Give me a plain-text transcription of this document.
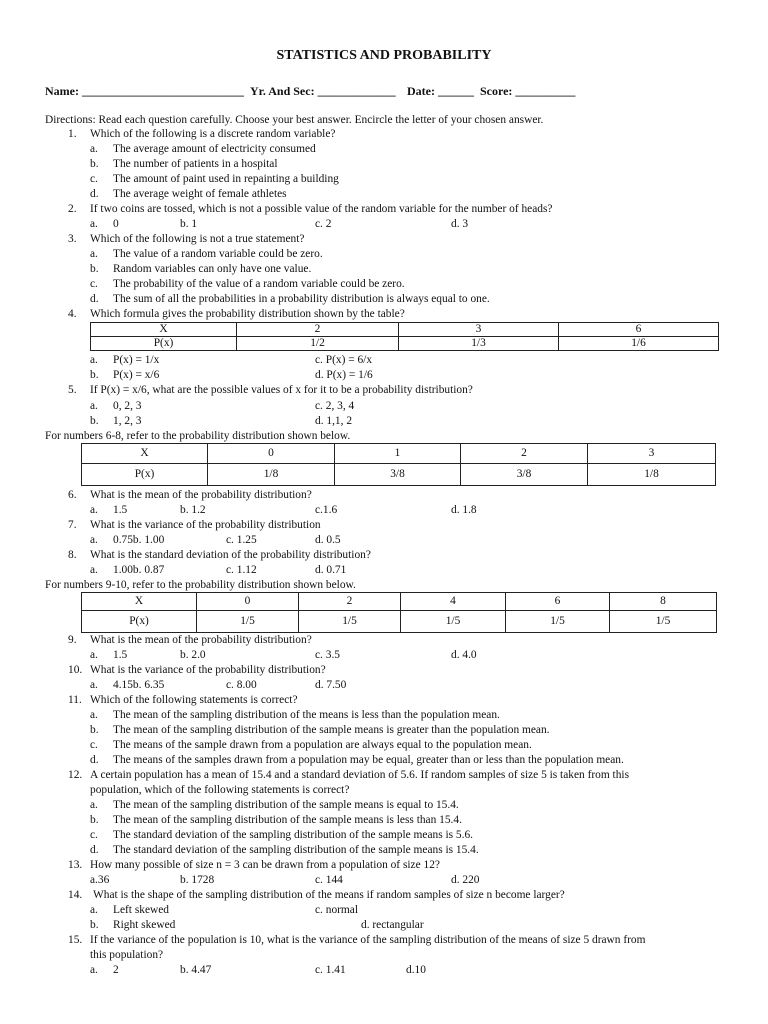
STATISTICS AND PROBABILITY
Name: ___________________________ Yr. And Sec: _____________ Date: ______ Score: __________
Directions: Read each question carefully. Choose your best answer. Encircle the letter of your chosen answer.
1. Which of the following is a discrete random variable?
a. The average amount of electricity consumed
b. The number of patients in a hospital
c. The amount of paint used in repainting a building
d. The average weight of female athletes
2. If two coins are tossed, which is not a possible value of the random variable for the number of heads?
a. 0	b. 1	c. 2	d. 3
3. Which of the following is not a true statement?
a. The value of a random variable could be zero.
b. Random variables can only have one value.
c. The probability of the value of a random variable could be zero.
d. The sum of all the probabilities in a probability distribution is always equal to one.
4. Which formula gives the probability distribution shown by the table?
X	2	3	6
P(x)	1/2	1/3	1/6
a. P(x) = 1/x	c. P(x) = 6/x
b. P(x) = x/6	d. P(x) = 1/6
5. If P(x) = x/6, what are the possible values of x for it to be a probability distribution?
a. 0, 2, 3	c. 2, 3, 4
b. 1, 2, 3	d. 1,1, 2
For numbers 6-8, refer to the probability distribution shown below.
X	0	1	2	3
P(x)	1/8	3/8	3/8	1/8
6. What is the mean of the probability distribution?
a. 1.5	b. 1.2	c.1.6	d. 1.8
7. What is the variance of the probability distribution
a. 0.75b. 1.00	c. 1.25	d. 0.5
8. What is the standard deviation of the probability distribution?
a. 1.00b. 0.87	c. 1.12	d. 0.71
For numbers 9-10, refer to the probability distribution shown below.
X	0	2	4	6	8
P(x)	1/5	1/5	1/5	1/5	1/5
9. What is the mean of the probability distribution?
a. 1.5	b. 2.0	c. 3.5	d. 4.0
10. What is the variance of the probability distribution?
a. 4.15b. 6.35	c. 8.00	d. 7.50
11. Which of the following statements is correct?
a. The mean of the sampling distribution of the means is less than the population mean.
b. The mean of the sampling distribution of the sample means is greater than the population mean.
c. The means of the sample drawn from a population are always equal to the population mean.
d. The means of the samples drawn from a population may be equal, greater than or less than the population mean.
12. A certain population has a mean of 15.4 and a standard deviation of 5.6. If random samples of size 5 is taken from this
population, which of the following statements is correct?
a. The mean of the sampling distribution of the sample means is equal to 15.4.
b. The mean of the sampling distribution of the sample means is less than 15.4.
c. The standard deviation of the sampling distribution of the sample means is 5.6.
d. The standard deviation of the sampling distribution of the sample means is 15.4.
13. How many possible of size n = 3 can be drawn from a population of size 12?
a.36	b. 1728	c. 144	d. 220
14. What is the shape of the sampling distribution of the means if random samples of size n become larger?
a. Left skewed	c. normal
b. Right skewed	d. rectangular
15. If the variance of the population is 10, what is the variance of the sampling distribution of the means of size 5 drawn from
this population?
a. 2	b. 4.47	c. 1.41	d.10
